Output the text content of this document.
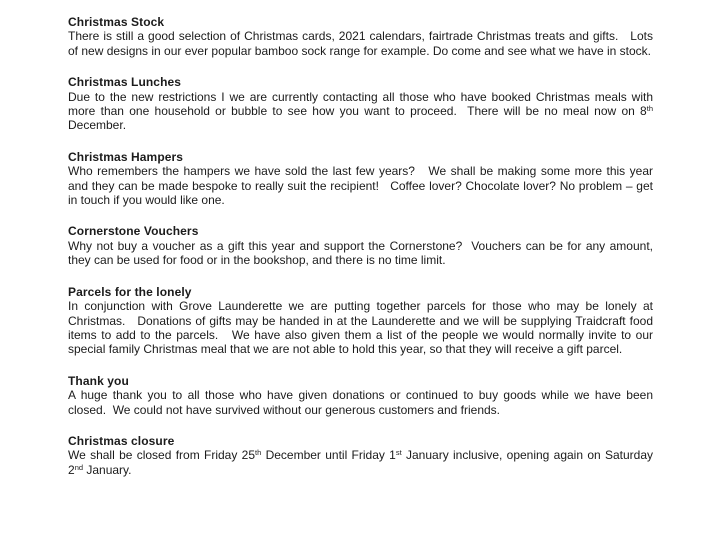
Christmas Stock

There is still a good selection of Christmas cards, 2021 calendars, fairtrade Christmas treats and gifts.   Lots of new designs in our ever popular bamboo sock range for example. Do come and see what we have in stock.

Christmas Lunches

Due to the new restrictions I we are currently contacting all those who have booked Christmas meals with more than one household or bubble to see how you want to proceed.  There will be no meal now on 8th December.

Christmas Hampers

Who remembers the hampers we have sold the last few years?   We shall be making some more this year and they can be made bespoke to really suit the recipient!   Coffee lover? Chocolate lover? No problem – get in touch if you would like one.

Cornerstone Vouchers

Why not buy a voucher as a gift this year and support the Cornerstone?  Vouchers can be for any amount, they can be used for food or in the bookshop, and there is no time limit.

Parcels for the lonely

In conjunction with Grove Launderette we are putting together parcels for those who may be lonely at Christmas.   Donations of gifts may be handed in at the Launderette and we will be supplying Traidcraft food items to add to the parcels.   We have also given them a list of the people we would normally invite to our special family Christmas meal that we are not able to hold this year, so that they will receive a gift parcel.

Thank you

A huge thank you to all those who have given donations or continued to buy goods while we have been closed.  We could not have survived without our generous customers and friends.

Christmas closure

We shall be closed from Friday 25th December until Friday 1st January inclusive, opening again on Saturday 2nd January.
